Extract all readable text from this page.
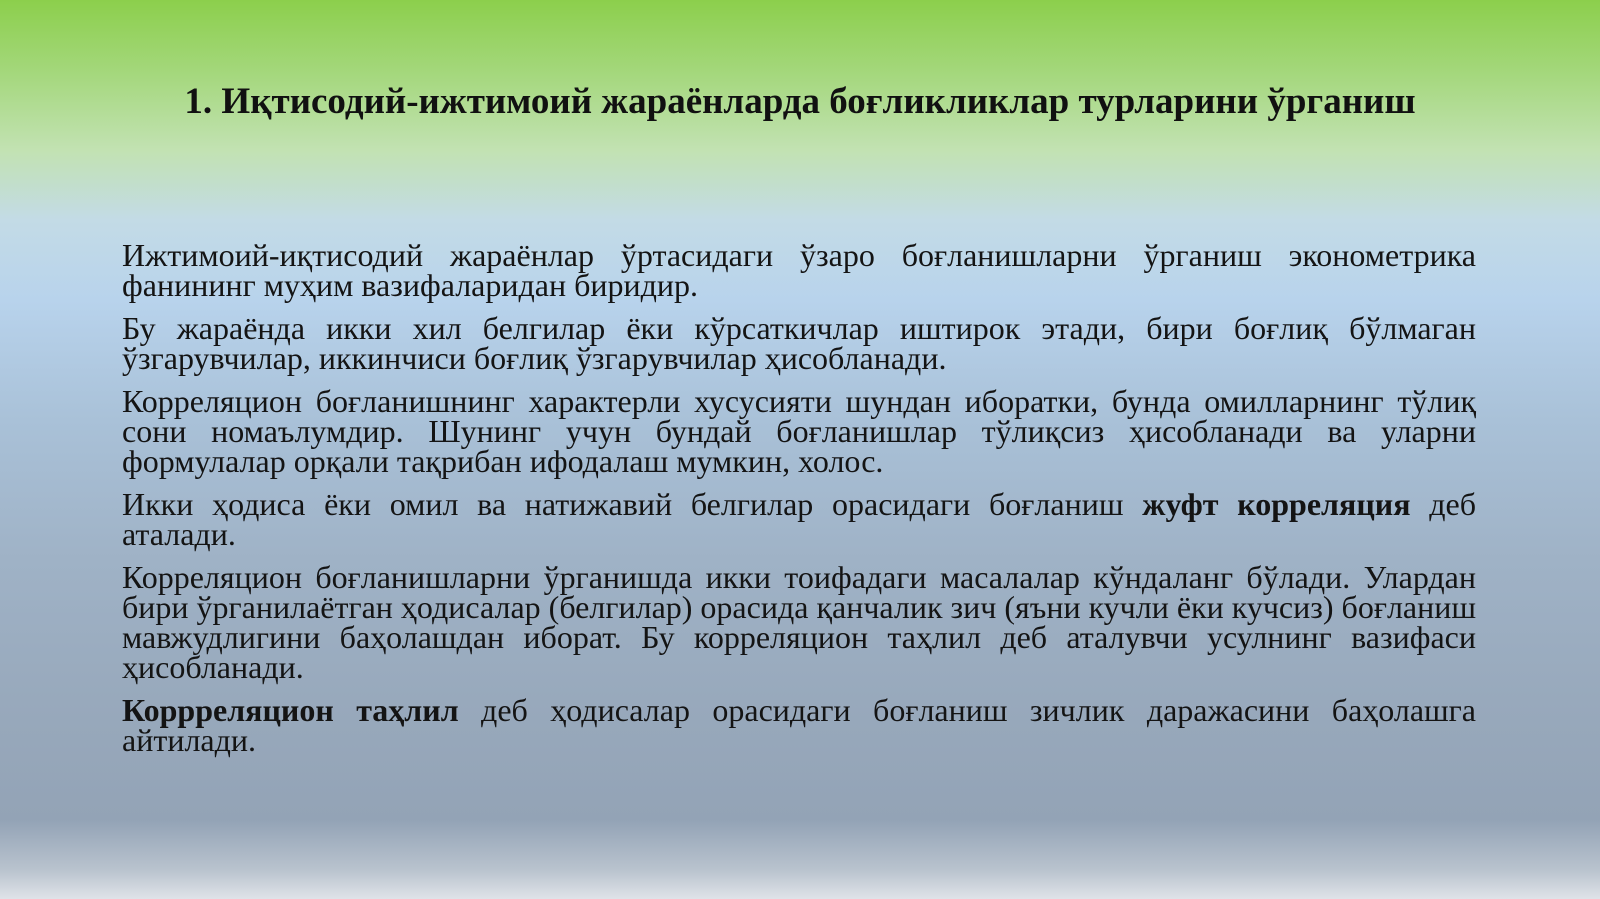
1. Иқтисодий-ижтимоий жараёнларда боғликликлар турларини ўрганиш

Ижтимоий-иқтисодий жараёнлар ўртасидаги ўзаро боғланишларни ўрганиш эконометрика фанининг муҳим вазифаларидан биридир.

Бу жараёнда икки хил белгилар ёки кўрсаткичлар иштирок этади, бири боғлиқ бўлмаган ўзгарувчилар, иккинчиси боғлиқ ўзгарувчилар ҳисобланади.

Корреляцион боғланишнинг характерли хусусияти шундан иборатки, бунда омилларнинг тўлиқ сони номаълумдир. Шунинг учун бундай боғланишлар тўлиқсиз ҳисобланади ва уларни формулалар орқали тақрибан ифодалаш мумкин, холос.

Икки ҳодиса ёки омил ва натижавий белгилар орасидаги боғланиш жуфт корреляция деб аталади.

Корреляцион боғланишларни ўрганишда икки тоифадаги масалалар кўндаланг бўлади. Улардан бири ўрганилаётган ҳодисалар (белгилар) орасида қанчалик зич (яъни кучли ёки кучсиз) боғланиш мавжудлигини баҳолашдан иборат. Бу корреляцион таҳлил деб аталувчи усулнинг вазифаси ҳисобланади.

Коррреляцион таҳлил деб ҳодисалар орасидаги боғланиш зичлик даражасини баҳолашга айтилади.
